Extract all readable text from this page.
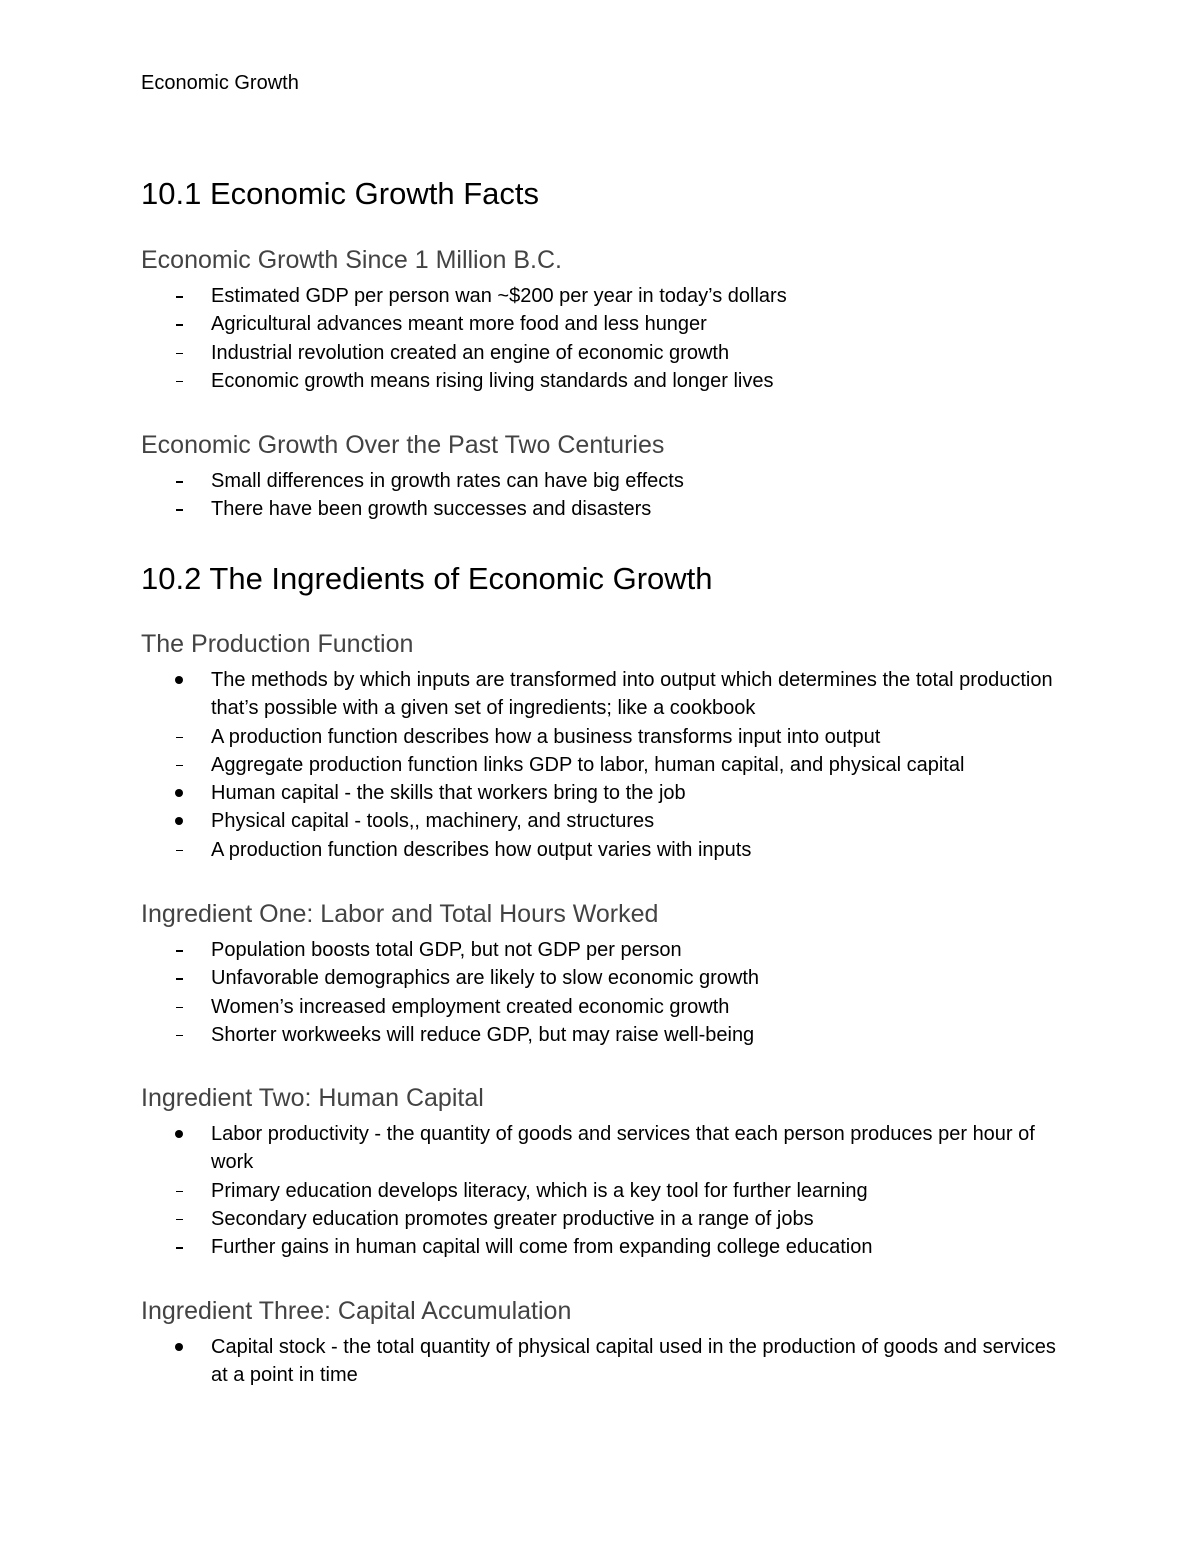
Economic Growth
10.1 Economic Growth Facts
Economic Growth Since 1 Million B.C.
Estimated GDP per person wan ~$200 per year in today’s dollars
Agricultural advances meant more food and less hunger
Industrial revolution created an engine of economic growth
Economic growth means rising living standards and longer lives
Economic Growth Over the Past Two Centuries
Small differences in growth rates can have big effects
There have been growth successes and disasters
10.2 The Ingredients of Economic Growth
The Production Function
The methods by which inputs are transformed into output which determines the total production that’s possible with a given set of ingredients; like a cookbook
A production function describes how a business transforms input into output
Aggregate production function links GDP to labor, human capital, and physical capital
Human capital - the skills that workers bring to the job
Physical capital - tools,, machinery, and structures
A production function describes how output varies with inputs
Ingredient One: Labor and Total Hours Worked
Population boosts total GDP, but not GDP per person
Unfavorable demographics are likely to slow economic growth
Women’s increased employment created economic growth
Shorter workweeks will reduce GDP, but may raise well-being
Ingredient Two: Human Capital
Labor productivity - the quantity of goods and services that each person produces per hour of work
Primary education develops literacy, which is a key tool for further learning
Secondary education promotes greater productive in a range of jobs
Further gains in human capital will come from expanding college education
Ingredient Three: Capital Accumulation
Capital stock - the total quantity of physical capital used in the production of goods and services at a point in time
